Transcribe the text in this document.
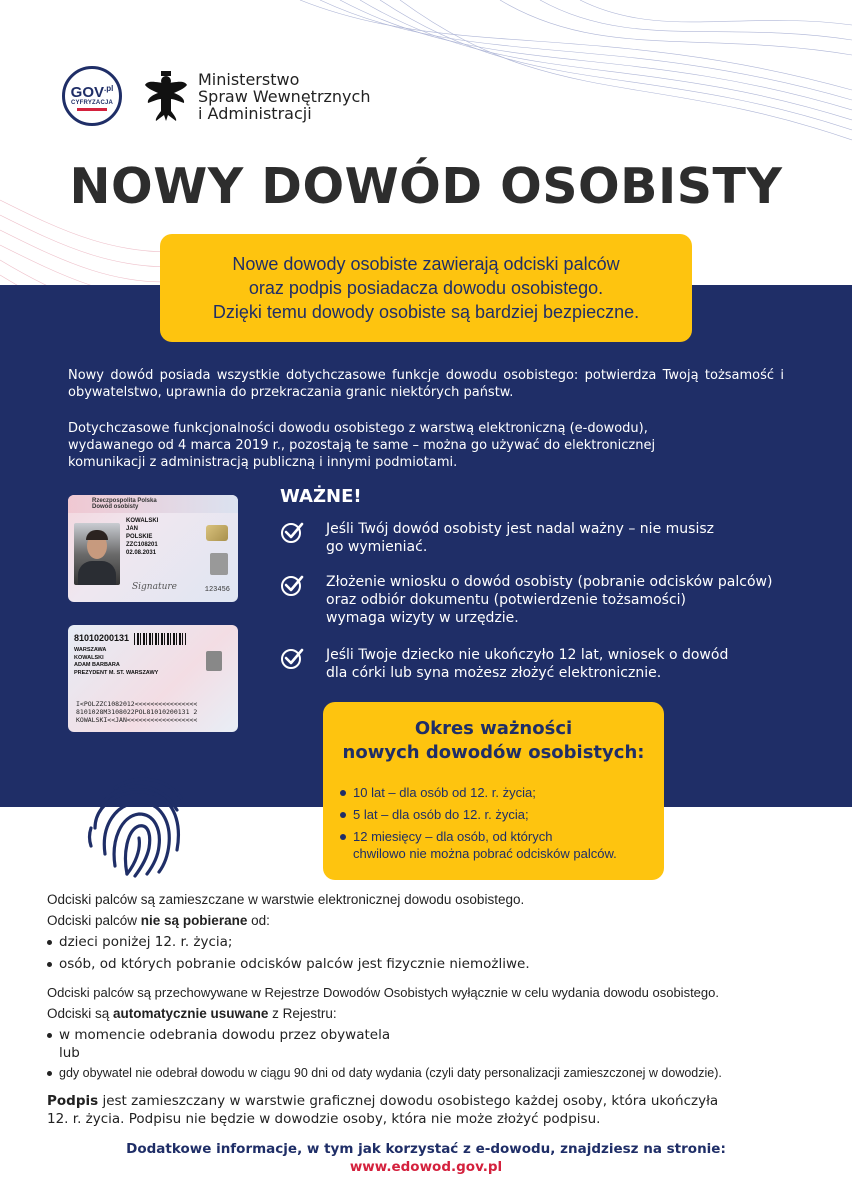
$GOV^{.pl}$
CYFRYZACJA
Ministerstwo
Spraw Wewnętrznych
i Administracji
NOWY DOWÓD OSOBISTY

Nowe dowody osobiste zawierają odciski palców

oraz podpis posiadacza dowodu osobistego.

Dzięki temu dowody osobiste są bardziej bezpieczne.

Nowy dowód posiada wszystkie dotychczasowe funkcje dowodu osobistego: potwierdza Twoją tożsamość i obywatelstwo, uprawnia do przekraczania granic niektórych państw.

Dotychczasowe funkcjonalności dowodu osobistego z warstwą elektroniczną (e-dowodu),
wydawanego od 4 marca 2019 r., pozostają te same – można go używać do elektronicznej
komunikacji z administracją publiczną i innymi podmiotami.
Rzeczpospolita Polska
Dowód osobisty
KOWALSKI
JAN
POLSKIE
ZZC108201
02.08.2031
123456
Signature
81010200131
WARSZAWA
KOWALSKI
ADAM BARBARA
PREZYDENT M. ST. WARSZAWY
I<POLZZC1082012<<<<<<<<<<<<<<<<
8101028M3108022POL81010200131 2
KOWALSKI<<JAN<<<<<<<<<<<<<<<<<<
WAŻNE!
Jeśli Twój dowód osobisty jest nadal ważny – nie musisz
go wymieniać.
Złożenie wniosku o dowód osobisty (pobranie odcisków palców)
oraz odbiór dokumentu (potwierdzenie tożsamości)
wymaga wizyty w urzędzie.
Jeśli Twoje dziecko nie ukończyło 12 lat, wniosek o dowód
dla córki lub syna możesz złożyć elektronicznie.
Okres ważności
nowych dowodów osobistych:
10 lat – dla osób od 12. r. życia;
5 lat – dla osób do 12. r. życia;
12 miesięcy – dla osób, od których
chwilowo nie można pobrać odcisków palców.
Odciski palców są zamieszczane w warstwie elektronicznej dowodu osobistego.
Odciski palców nie są pobierane od:
dzieci poniżej 12. r. życia;
osób, od których pobranie odcisków palców jest fizycznie niemożliwe.
Odciski palców są przechowywane w Rejestrze Dowodów Osobistych wyłącznie w celu wydania dowodu osobistego.
Odciski są automatycznie usuwane z Rejestru:
w momencie odebrania dowodu przez obywatela
lub
gdy obywatel nie odebrał dowodu w ciągu 90 dni od daty wydania (czyli daty personalizacji zamieszczonej w dowodzie).
Podpis jest zamieszczany w warstwie graficznej dowodu osobistego każdej osoby, która ukończyła
12. r. życia. Podpisu nie będzie w dowodzie osoby, która nie może złożyć podpisu.
Dodatkowe informacje, w tym jak korzystać z e-dowodu, znajdziesz na stronie:
www.edowod.gov.pl
